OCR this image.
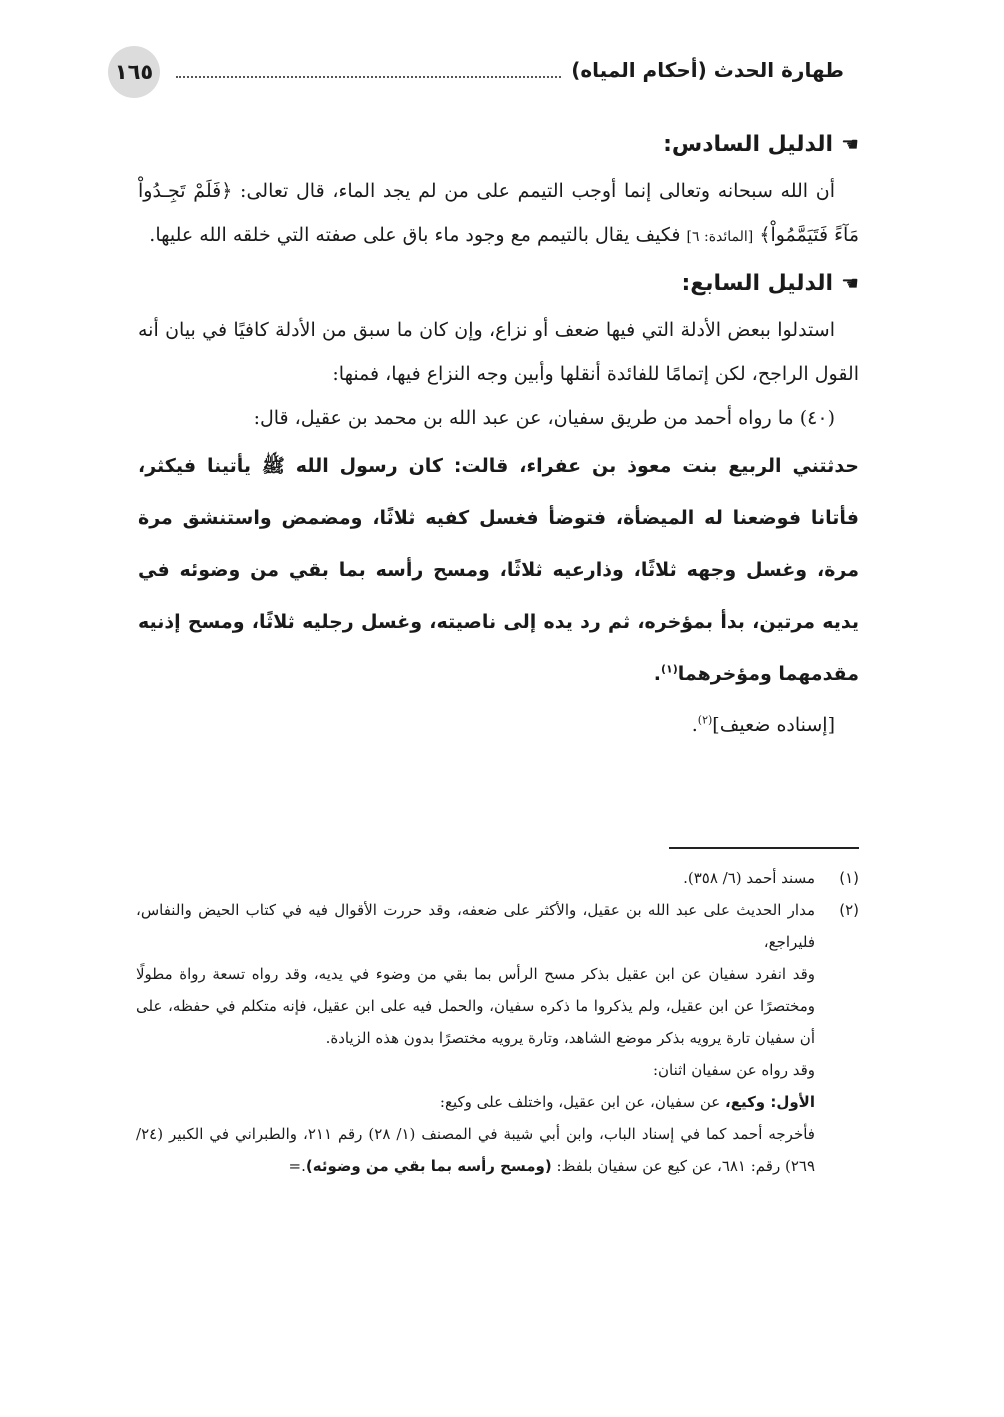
١٦٥	طهارة الحدث (أحكام المياه)

☚الدليل السادس:

أن الله سبحانه وتعالى إنما أوجب التيمم على من لم يجد الماء، قال تعالى: ﴿فَلَمْ تَجِـدُواْ مَآءً فَتَيَمَّمُواْ﴾ [المائدة: ٦] فكيف يقال بالتيمم مع وجود ماء باق على صفته التي خلقه الله عليها.

☚الدليل السابع:

استدلوا ببعض الأدلة التي فيها ضعف أو نزاع، وإن كان ما سبق من الأدلة كافيًا في بيان أنه القول الراجح، لكن إتمامًا للفائدة أنقلها وأبين وجه النزاع فيها، فمنها:

(٤٠) ما رواه أحمد من طريق سفيان، عن عبد الله بن محمد بن عقيل، قال:

حدثتني الربيع بنت معوذ بن عفراء، قالت: كان رسول الله ﷺ يأتينا فيكثر، فأتانا فوضعنا له الميضأة، فتوضأ فغسل كفيه ثلاثًا، ومضمض واستنشق مرة مرة، وغسل وجهه ثلاثًا، وذارعيه ثلاثًا، ومسح رأسه بما بقي من وضوئه في يديه مرتين، بدأ بمؤخره، ثم رد يده إلى ناصيته، وغسل رجليه ثلاثًا، ومسح إذنيه مقدمهما ومؤخرهما$^{(١)}$.

[إسناده ضعيف]$^{(٢)}$.

(١)

مسند أحمد (٦/ ٣٥٨).

(٢)

مدار الحديث على عبد الله بن عقيل، والأكثر على ضعفه، وقد حررت الأقوال فيه في كتاب الحيض والنفاس، فليراجع،

وقد انفرد سفيان عن ابن عقيل بذكر مسح الرأس بما بقي من وضوء في يديه، وقد رواه تسعة رواة مطولًا ومختصرًا عن ابن عقيل، ولم يذكروا ما ذكره سفيان، والحمل فيه على ابن عقيل، فإنه متكلم في حفظه، على أن سفيان تارة يرويه بذكر موضع الشاهد، وتارة يرويه مختصرًا بدون هذه الزيادة.

وقد رواه عن سفيان اثنان:

الأول: وكيع، عن سفيان، عن ابن عقيل، واختلف على وكيع:

فأخرجه أحمد كما في إسناد الباب، وابن أبي شيبة في المصنف (١/ ٢٨) رقم ٢١١، والطبراني في الكبير (٢٤/ ٢٦٩) رقم: ٦٨١، عن كيع عن سفيان بلفظ: (ومسح رأسه بما بقي من وضوئه).=
